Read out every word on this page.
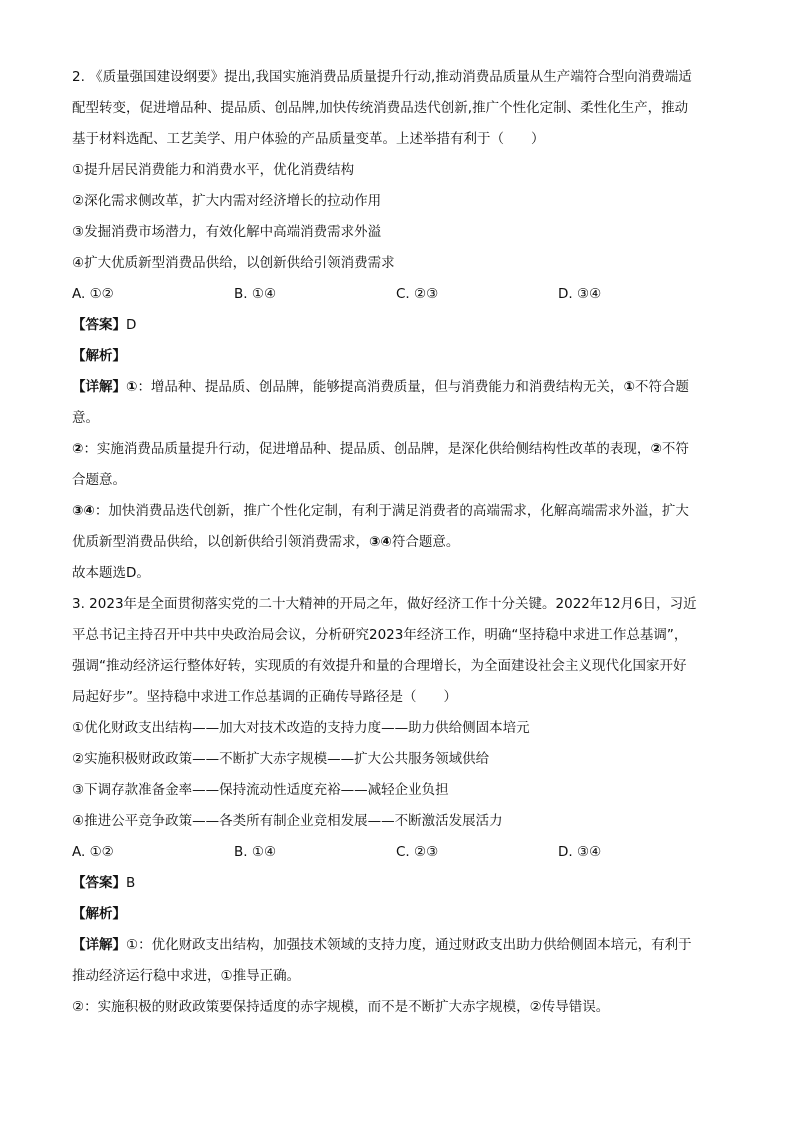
2. 《质量强国建设纲要》提出,我国实施消费品质量提升行动,推动消费品质量从生产端符合型向消费端适
配型转变，促进增品种、提品质、创品牌,加快传统消费品迭代创新,推广个性化定制、柔性化生产，推动
基于材料选配、工艺美学、用户体验的产品质量变革。上述举措有利于（　　）
①提升居民消费能力和消费水平，优化消费结构
②深化需求侧改革，扩大内需对经济增长的拉动作用
③发掘消费市场潜力，有效化解中高端消费需求外溢
④扩大优质新型消费品供给，以创新供给引领消费需求
A. ①②	B. ①④	C. ②③	D. ③④
【答案】D
【解析】
【详解】①：增品种、提品质、创品牌，能够提高消费质量，但与消费能力和消费结构无关，①不符合题
意。
②：实施消费品质量提升行动，促进增品种、提品质、创品牌，是深化供给侧结构性改革的表现，②不符
合题意。
③④：加快消费品迭代创新，推广个性化定制，有利于满足消费者的高端需求，化解高端需求外溢，扩大
优质新型消费品供给，以创新供给引领消费需求，③④符合题意。
故本题选D。
3. 2023年是全面贯彻落实党的二十大精神的开局之年，做好经济工作十分关键。2022年12月6日，习近
平总书记主持召开中共中央政治局会议，分析研究2023年经济工作，明确“坚持稳中求进工作总基调”，
强调“推动经济运行整体好转，实现质的有效提升和量的合理增长，为全面建设社会主义现代化国家开好
局起好步”。坚持稳中求进工作总基调的正确传导路径是（　　）
①优化财政支出结构——加大对技术改造的支持力度——助力供给侧固本培元
②实施积极财政政策——不断扩大赤字规模——扩大公共服务领域供给
③下调存款准备金率——保持流动性适度充裕——减轻企业负担
④推进公平竞争政策——各类所有制企业竞相发展——不断激活发展活力
A. ①②	B. ①④	C. ②③	D. ③④
【答案】B
【解析】
【详解】①：优化财政支出结构，加强技术领域的支持力度，通过财政支出助力供给侧固本培元，有利于
推动经济运行稳中求进，①推导正确。
②：实施积极的财政政策要保持适度的赤字规模，而不是不断扩大赤字规模，②传导错误。
